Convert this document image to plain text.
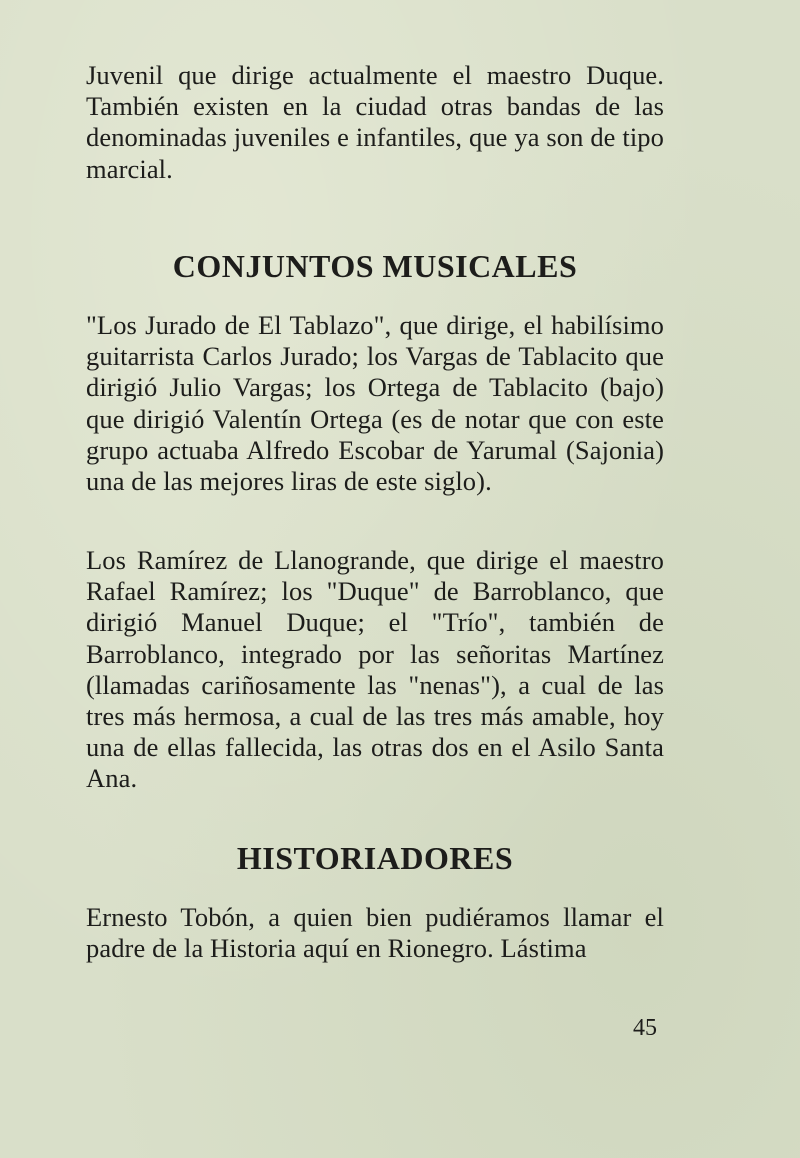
Juvenil que dirige actualmente el maestro Duque. También existen en la ciudad otras bandas de las denominadas juveniles e infantiles, que ya son de tipo marcial.

CONJUNTOS MUSICALES

"Los Jurado de El Tablazo", que dirige, el habilísimo guitarrista Carlos Jurado; los Vargas de Tablacito que dirigió Julio Vargas; los Ortega de Tablacito (bajo) que dirigió Valentín Ortega (es de notar que con este grupo actuaba Alfredo Escobar de Yarumal (Sajonia) una de las mejores liras de este siglo).

Los Ramírez de Llanogrande, que dirige el maestro Rafael Ramírez; los "Duque" de Barroblanco, que dirigió Manuel Duque; el "Trío", también de Barroblanco, integrado por las señoritas Martínez (llamadas cariñosamente las "nenas"), a cual de las tres más hermosa, a cual de las tres más amable, hoy una de ellas fallecida, las otras dos en el Asilo Santa Ana.

HISTORIADORES

Ernesto Tobón, a quien bien pudiéramos llamar el padre de la Historia aquí en Rionegro. Lástima

45
